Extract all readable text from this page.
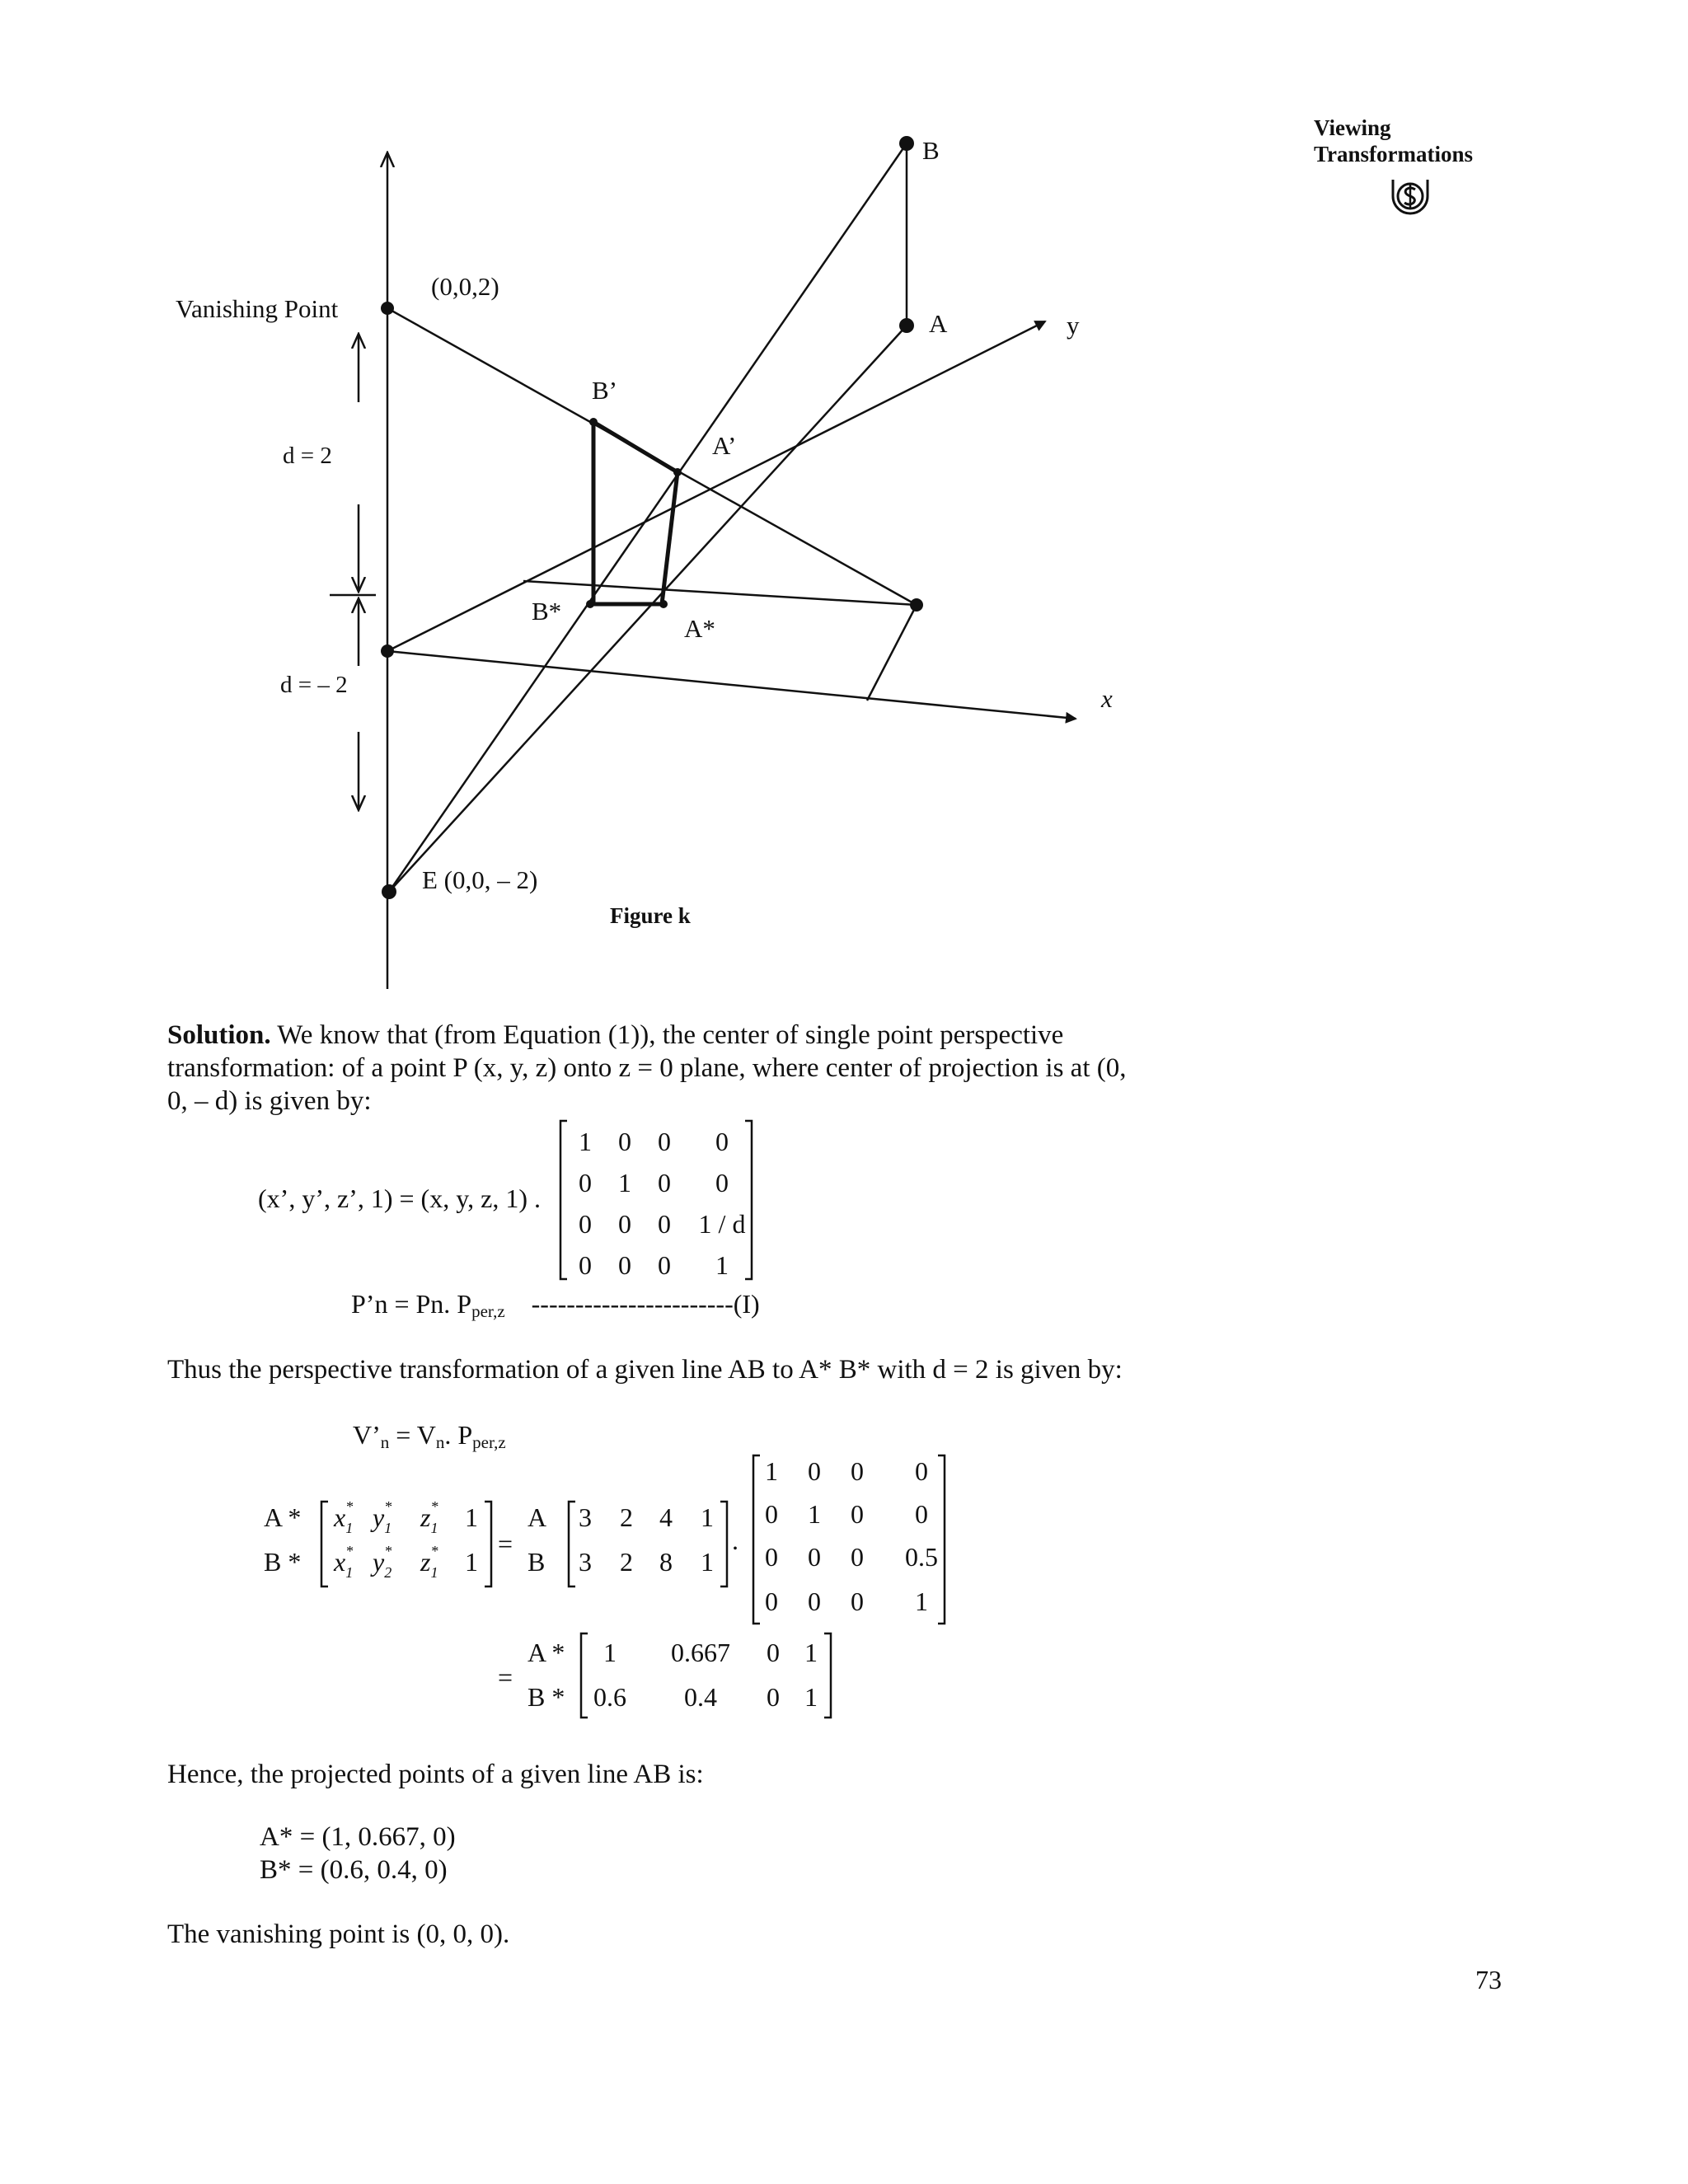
Viewing
Transformations
Vanishing Point
(0,0,2)
B
A	y
x
B’
A’
B*
A*
d = 2
d = – 2
E (0,0, – 2)
Figure k
Solution. We know that (from Equation (1)), the center of single point perspective transformation: of a point P (x, y, z) onto z = 0 plane, where center of projection is at (0, 0, – d) is given by:
(x’, y’, z’, 1) = (x, y, z, 1) .
1 0 0 0
0 1 0 0
0 0 0 1 / d
0 0 0 1
P’n = Pn. $P_{per,z}$ -----------------------(I)
Thus the perspective transformation of a given line AB to A* B* with d = 2 is given by:
$V’_n = V_n$. $P_{per,z}$
A *
B *
$x_1*$ $y_1*$ $z_1*$
$x_1*$ $y_2*$ $z_1*$
1
1
=
A
B
.
=
A *
B *
3 2 4 1
3 2 8 1
1 0 0 0
0 1 0 0
0 0 0 0.5
0 0 0 1
1 0.667 0 1
0.6 0.4 0 1
Hence, the projected points of a given line AB is:
A* = (1, 0.667, 0)
B* = (0.6, 0.4, 0)
The vanishing point is (0, 0, 0).
73
